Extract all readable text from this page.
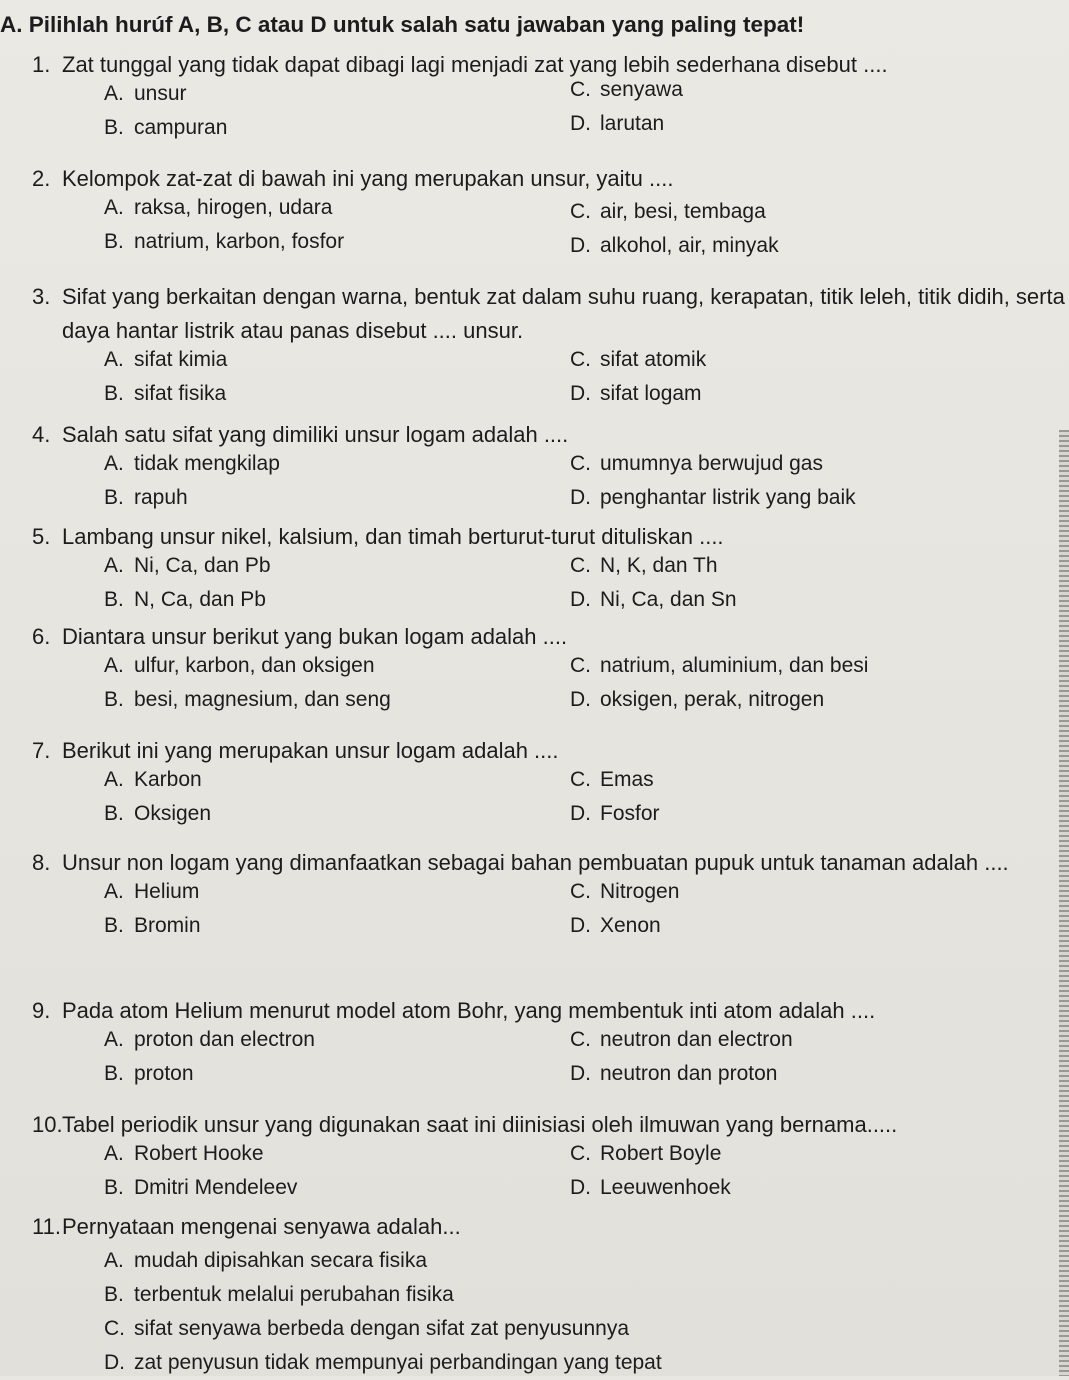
A. Pilihlah hurúf A, B, C atau D untuk salah satu jawaban yang paling tepat!
1. Zat tunggal yang tidak dapat dibagi lagi menjadi zat yang lebih sederhana disebut ....
A. unsur	C. senyawa
B. campuran	D. larutan
2. Kelompok zat-zat di bawah ini yang merupakan unsur, yaitu ....
A. raksa, hirogen, udara	C. air, besi, tembaga
B. natrium, karbon, fosfor	D. alkohol, air, minyak
3. Sifat yang berkaitan dengan warna, bentuk zat dalam suhu ruang, kerapatan, titik leleh, titik didih, serta daya hantar listrik atau panas disebut .... unsur.
A. sifat kimia	C. sifat atomik
B. sifat fisika	D. sifat logam
4. Salah satu sifat yang dimiliki unsur logam adalah ....
A. tidak mengkilap	C. umumnya berwujud gas
B. rapuh	D. penghantar listrik yang baik
5. Lambang unsur nikel, kalsium, dan timah berturut-turut dituliskan ....
A. Ni, Ca, dan Pb	C. N, K, dan Th
B. N, Ca, dan Pb	D. Ni, Ca, dan Sn
6. Diantara unsur berikut yang bukan logam adalah ....
A. ulfur, karbon, dan oksigen	C. natrium, aluminium, dan besi
B. besi, magnesium, dan seng	D. oksigen, perak, nitrogen
7. Berikut ini yang merupakan unsur logam adalah ....
A. Karbon	C. Emas
B. Oksigen	D. Fosfor
8. Unsur non logam yang dimanfaatkan sebagai bahan pembuatan pupuk untuk tanaman adalah ....
A. Helium	C. Nitrogen
B. Bromin	D. Xenon
9. Pada atom Helium menurut model atom Bohr, yang membentuk inti atom adalah ....
A. proton dan electron	C. neutron dan electron
B. proton	D. neutron dan proton
10. Tabel periodik unsur yang digunakan saat ini diinisiasi oleh ilmuwan yang bernama.....
A. Robert Hooke	C. Robert Boyle
B. Dmitri Mendeleev	D. Leeuwenhoek
11. Pernyataan mengenai senyawa adalah...
A. mudah dipisahkan secara fisika
B. terbentuk melalui perubahan fisika
C. sifat senyawa berbeda dengan sifat zat penyusunnya
D. zat penyusun tidak mempunyai perbandingan yang tepat
